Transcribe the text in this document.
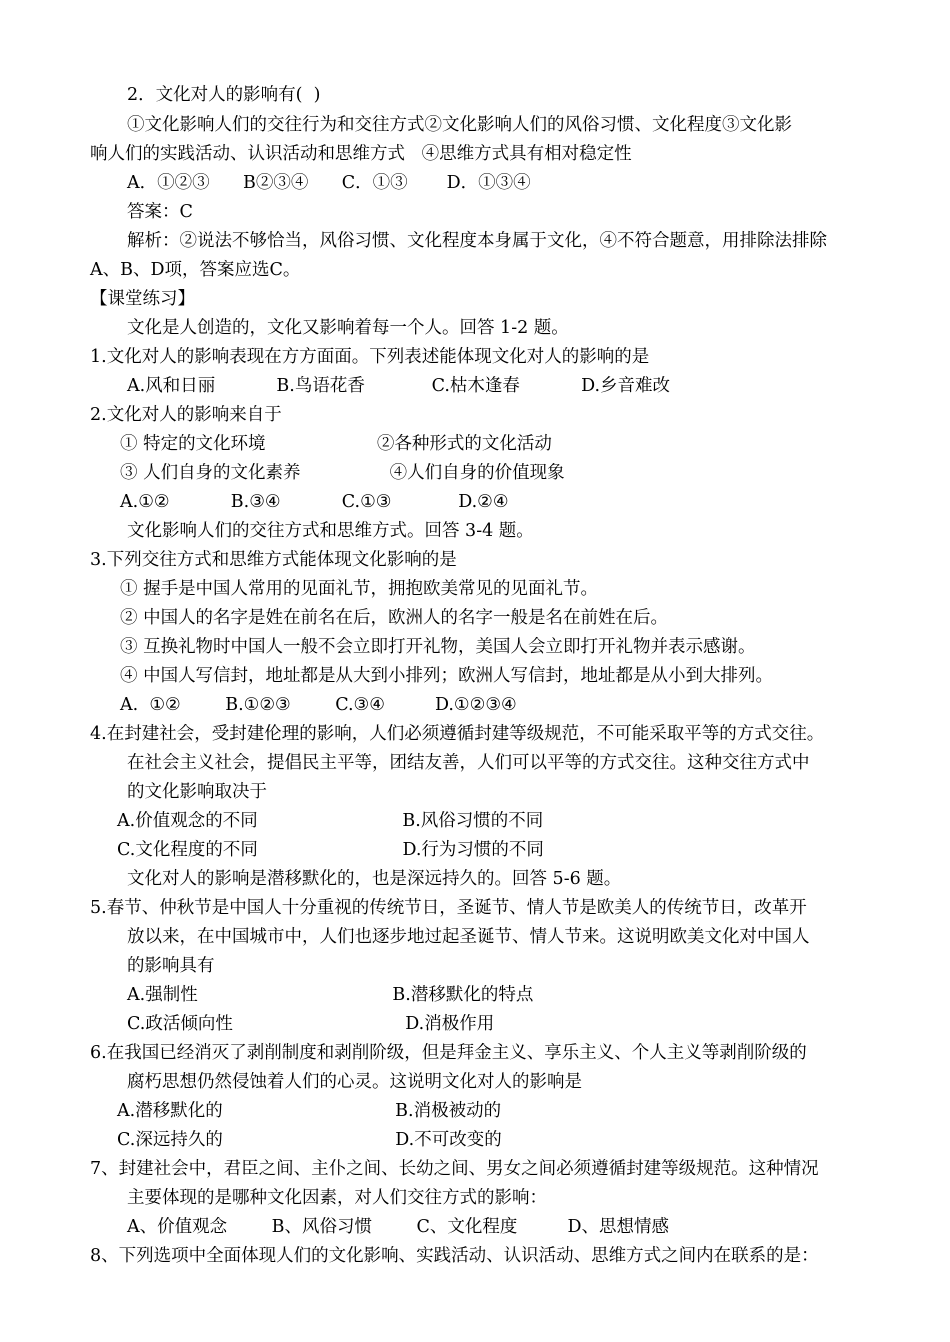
2．文化对人的影响有(  )
①文化影响人们的交往行为和交往方式②文化影响人们的风俗习惯、文化程度③文化影
响人们的实践活动、认识活动和思维方式   ④思维方式具有相对稳定性
A．①②③      B②③④      C．①③       D．①③④
答案：C
解析：②说法不够恰当，风俗习惯、文化程度本身属于文化，④不符合题意，用排除法排除
A、B、D项，答案应选C。
【课堂练习】
文化是人创造的，文化又影响着每一个人。回答 1-2 题。
1.文化对人的影响表现在方方面面。下列表述能体现文化对人的影响的是
A.风和日丽           B.鸟语花香            C.枯木逢春           D.乡音难改
2.文化对人的影响来自于
① 特定的文化环境                    ②各种形式的文化活动
③ 人们自身的文化素养                ④人们自身的价值现象
A.①②           B.③④           C.①③            D.②④
文化影响人们的交往方式和思维方式。回答 3-4 题。
3.下列交往方式和思维方式能体现文化影响的是
① 握手是中国人常用的见面礼节，拥抱欧美常见的见面礼节。
② 中国人的名字是姓在前名在后，欧洲人的名字一般是名在前姓在后。
③ 互换礼物时中国人一般不会立即打开礼物，美国人会立即打开礼物并表示感谢。
④ 中国人写信封，地址都是从大到小排列；欧洲人写信封，地址都是从小到大排列。
A.  ①②        B.①②③        C.③④         D.①②③④
4.在封建社会，受封建伦理的影响，人们必须遵循封建等级规范，不可能采取平等的方式交往。
在社会主义社会，提倡民主平等，团结友善，人们可以平等的方式交往。这种交往方式中
的文化影响取决于
A.价值观念的不同                          B.风俗习惯的不同
C.文化程度的不同                          D.行为习惯的不同
文化对人的影响是潜移默化的，也是深远持久的。回答 5-6 题。
5.春节、仲秋节是中国人十分重视的传统节日，圣诞节、情人节是欧美人的传统节日，改革开
放以来，在中国城市中，人们也逐步地过起圣诞节、情人节来。这说明欧美文化对中国人
的影响具有
A.强制性                                   B.潜移默化的特点
C.政活倾向性                               D.消极作用
6.在我国已经消灭了剥削制度和剥削阶级，但是拜金主义、享乐主义、个人主义等剥削阶级的
腐朽思想仍然侵蚀着人们的心灵。这说明文化对人的影响是
A.潜移默化的                               B.消极被动的
C.深远持久的                               D.不可改变的
7、封建社会中，君臣之间、主仆之间、长幼之间、男女之间必须遵循封建等级规范。这种情况
主要体现的是哪种文化因素，对人们交往方式的影响：
A、价值观念        B、风俗习惯        C、文化程度         D、思想情感
8、下列选项中全面体现人们的文化影响、实践活动、认识活动、思维方式之间内在联系的是：
